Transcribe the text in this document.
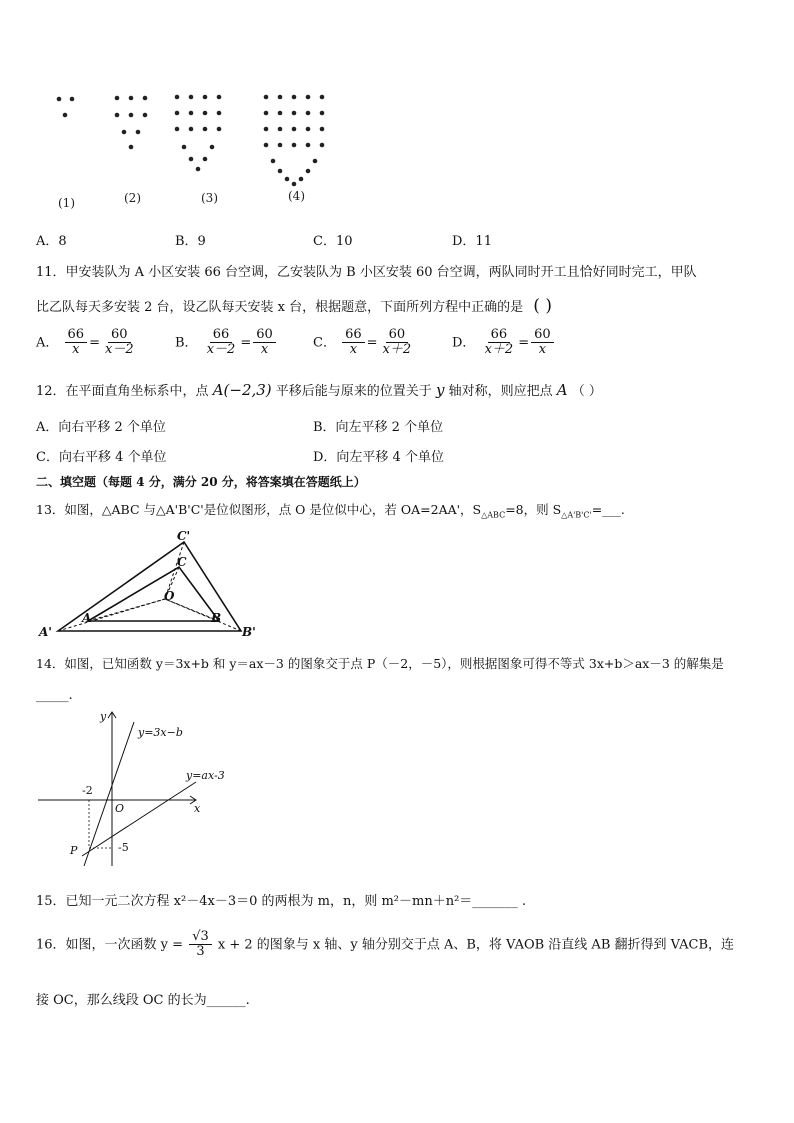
(1)	(2)	(3)	(4)
A．8	B．9	C．10	D．11
11．甲安装队为 A 小区安装 66 台空调，乙安装队为 B 小区安装 60 台空调，两队同时开工且恰好同时完工，甲队
比乙队每天多安装 2 台，设乙队每天安装 x 台，根据题意，下面所列方程中正确的是 ( )
A． $\frac{66}{x} = \frac{60}{x-2}$	B． $\frac{66}{x-2} = \frac{60}{x}$	C． $\frac{66}{x} = \frac{60}{x+2}$	D． $\frac{66}{x+2} = \frac{60}{x}$
12．在平面直角坐标系中，点 A(−2,3) 平移后能与原来的位置关于 y 轴对称，则应把点 A （ ）
A．向右平移 2 个单位	B．向左平移 2 个单位
C．向右平移 4 个单位	D．向左平移 4 个单位
二、填空题（每题 4 分，满分 20 分，将答案填在答题纸上）
13．如图，△ABC 与△A'B'C'是位似图形，点 O 是位似中心，若 OA=2AA'，$S_{\triangle ABC}=8$，则 $S_{\triangle A'B'C'}=\_\_\_$.
C'
C
O
A	B
A'	B'
14．如图，已知函数 y＝3x+b 和 y＝ax－3 的图象交于点 P（－2，－5），则根据图象可得不等式 3x+b＞ax－3 的解集是
_____.
y
x
O
y=3x−b
y=ax-3
P
-2
-5
15．已知一元二次方程 x²－4x－3＝0 的两根为 m，n，则 m²－mn＋n²＝_______ .
16．如图，一次函数 $y = \frac{√3}{3}$ x + 2 的图象与 x 轴、y 轴分别交于点 A、B，将 VAOB 沿直线 AB 翻折得到 VACB，连
接 OC，那么线段 OC 的长为______.
